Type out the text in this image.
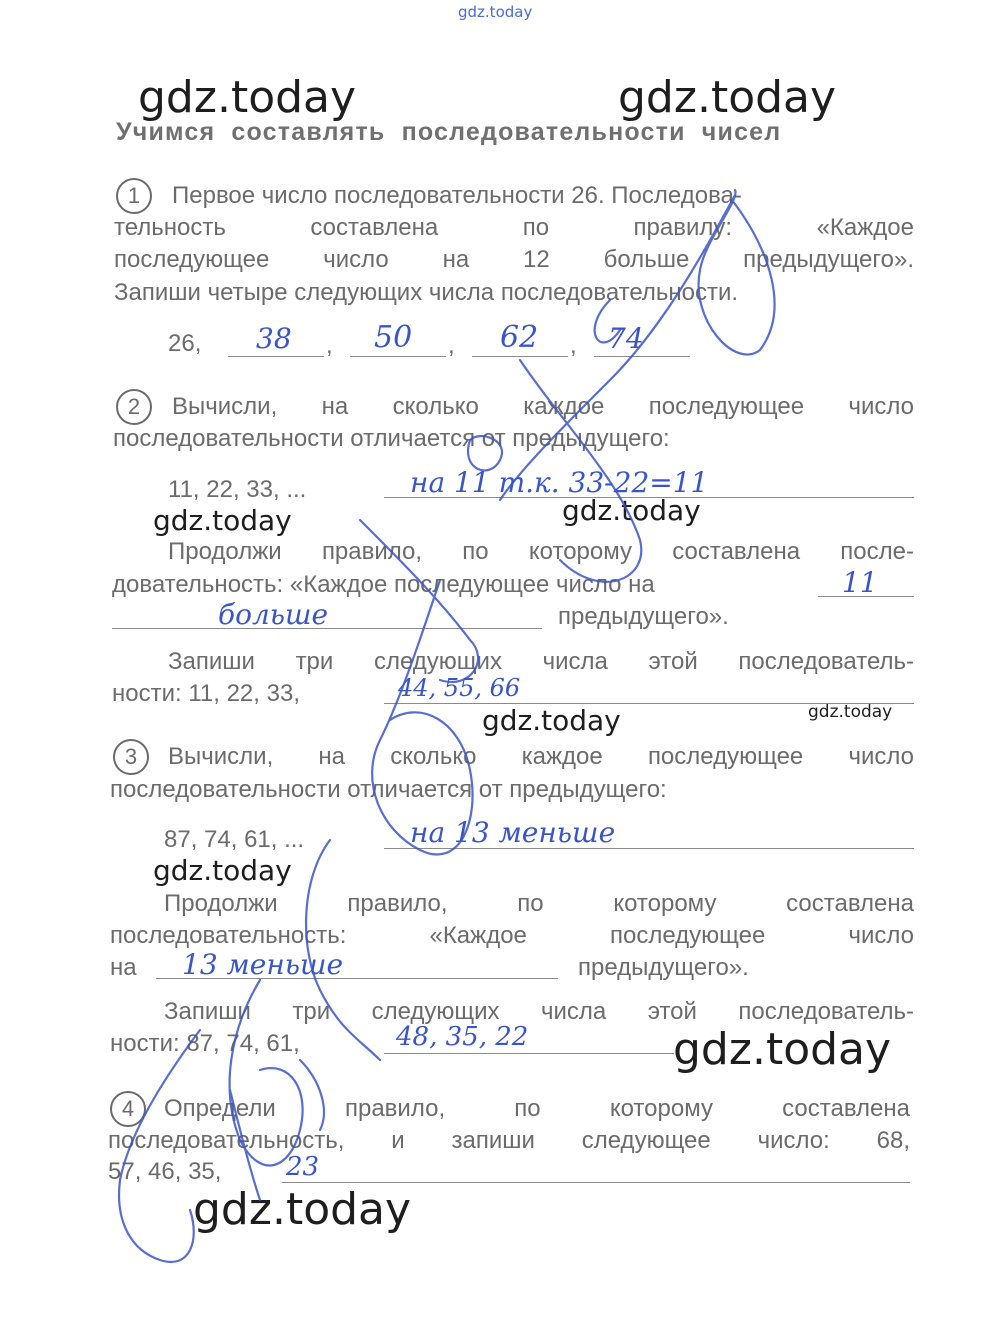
gdz.today
gdz.today	gdz.today
gdz.today	gdz.today
gdz.today	gdz.today
gdz.today
gdz.today
gdz.today
Учимся составлять последовательности чисел
1	Первое число последовательности 26. Последова-
тельность составлена по правилу: «Каждое
последующее число на 12 больше предыдущего».
Запиши четыре следующих числа последовательности.
26,	,	,	,
38	50	62 74
2	Вычисли, на сколько каждое последующее число
последовательности отличается от предыдущего:
11, 22, 33, ...	на 11 т.к. 33-22=11
Продолжи правило, по которому составлена после-
довательность: «Каждое последующее число на	11
больше	предыдущего».
Запиши три следующих числа этой последователь-
ности: 11, 22, 33,	44, 55, 66
3	Вычисли, на сколько каждое последующее число
последовательности отличается от предыдущего:
87, 74, 61, ...	на 13 меньше
Продолжи правило, по которому составлена
последовательность: «Каждое последующее число
на 13 меньше	предыдущего».
Запиши три следующих числа этой последователь-
ности: 87, 74, 61,	48, 35, 22
4	Определи правило, по которому составлена
последовательность, и запиши следующее число: 68,
57, 46, 35, 23
